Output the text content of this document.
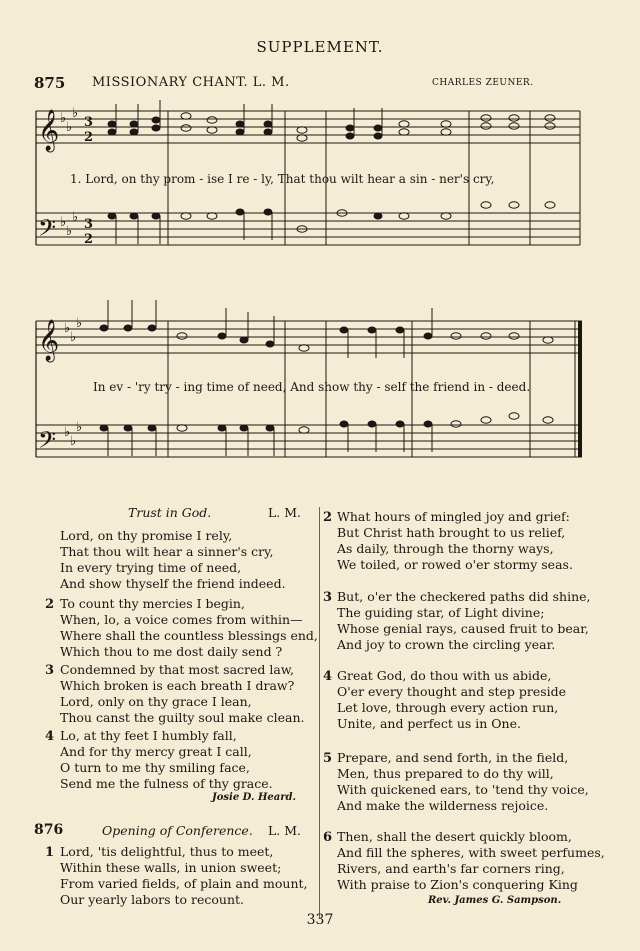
SUPPLEMENT.
875 MISSIONARY CHANT. L. M.	CHARLES ZEUNER.
𝄞
𝄢
𝄞
𝄢
♭
♭
♭
♭
♭
♭
♭
♭
♭
♭
♭
♭
3
2
3
2
1. Lord, on thy prom - ise I re - ly, That thou wilt hear a sin - ner's cry,
In ev - 'ry try - ing time of need, And show thy - self the friend in - deed.
Trust in God.	L. M.
Lord, on thy promise I rely,
That thou wilt hear a sinner's cry,
In every trying time of need,
And show thyself the friend indeed.
2 To count thy mercies I begin,
When, lo, a voice comes from within—
Where shall the countless blessings end,
Which thou to me dost daily send ?
3 Condemned by that most sacred law,
Which broken is each breath I draw?
Lord, only on thy grace I lean,
Thou canst the guilty soul make clean.
4 Lo, at thy feet I humbly fall,
And for thy mercy great I call,
O turn to me thy smiling face,
Send me the fulness of thy grace.
Josie D. Heard.
876	Opening of Conference. L. M.
1 Lord, 'tis delightful, thus to meet,
Within these walls, in union sweet;
From varied fields, of plain and mount,
Our yearly labors to recount.
2 What hours of mingled joy and grief:
But Christ hath brought to us relief,
As daily, through the thorny ways,
We toiled, or rowed o'er stormy seas.
3 But, o'er the checkered paths did shine,
The guiding star, of Light divine;
Whose genial rays, caused fruit to bear,
And joy to crown the circling year.
4 Great God, do thou with us abide,
O'er every thought and step preside
Let love, through every action run,
Unite, and perfect us in One.
5 Prepare, and send forth, in the field,
Men, thus prepared to do thy will,
With quickened ears, to 'tend thy voice,
And make the wilderness rejoice.
6 Then, shall the desert quickly bloom,
And fill the spheres, with sweet perfumes,
Rivers, and earth's far corners ring,
With praise to Zion's conquering King
Rev. James G. Sampson.
337
